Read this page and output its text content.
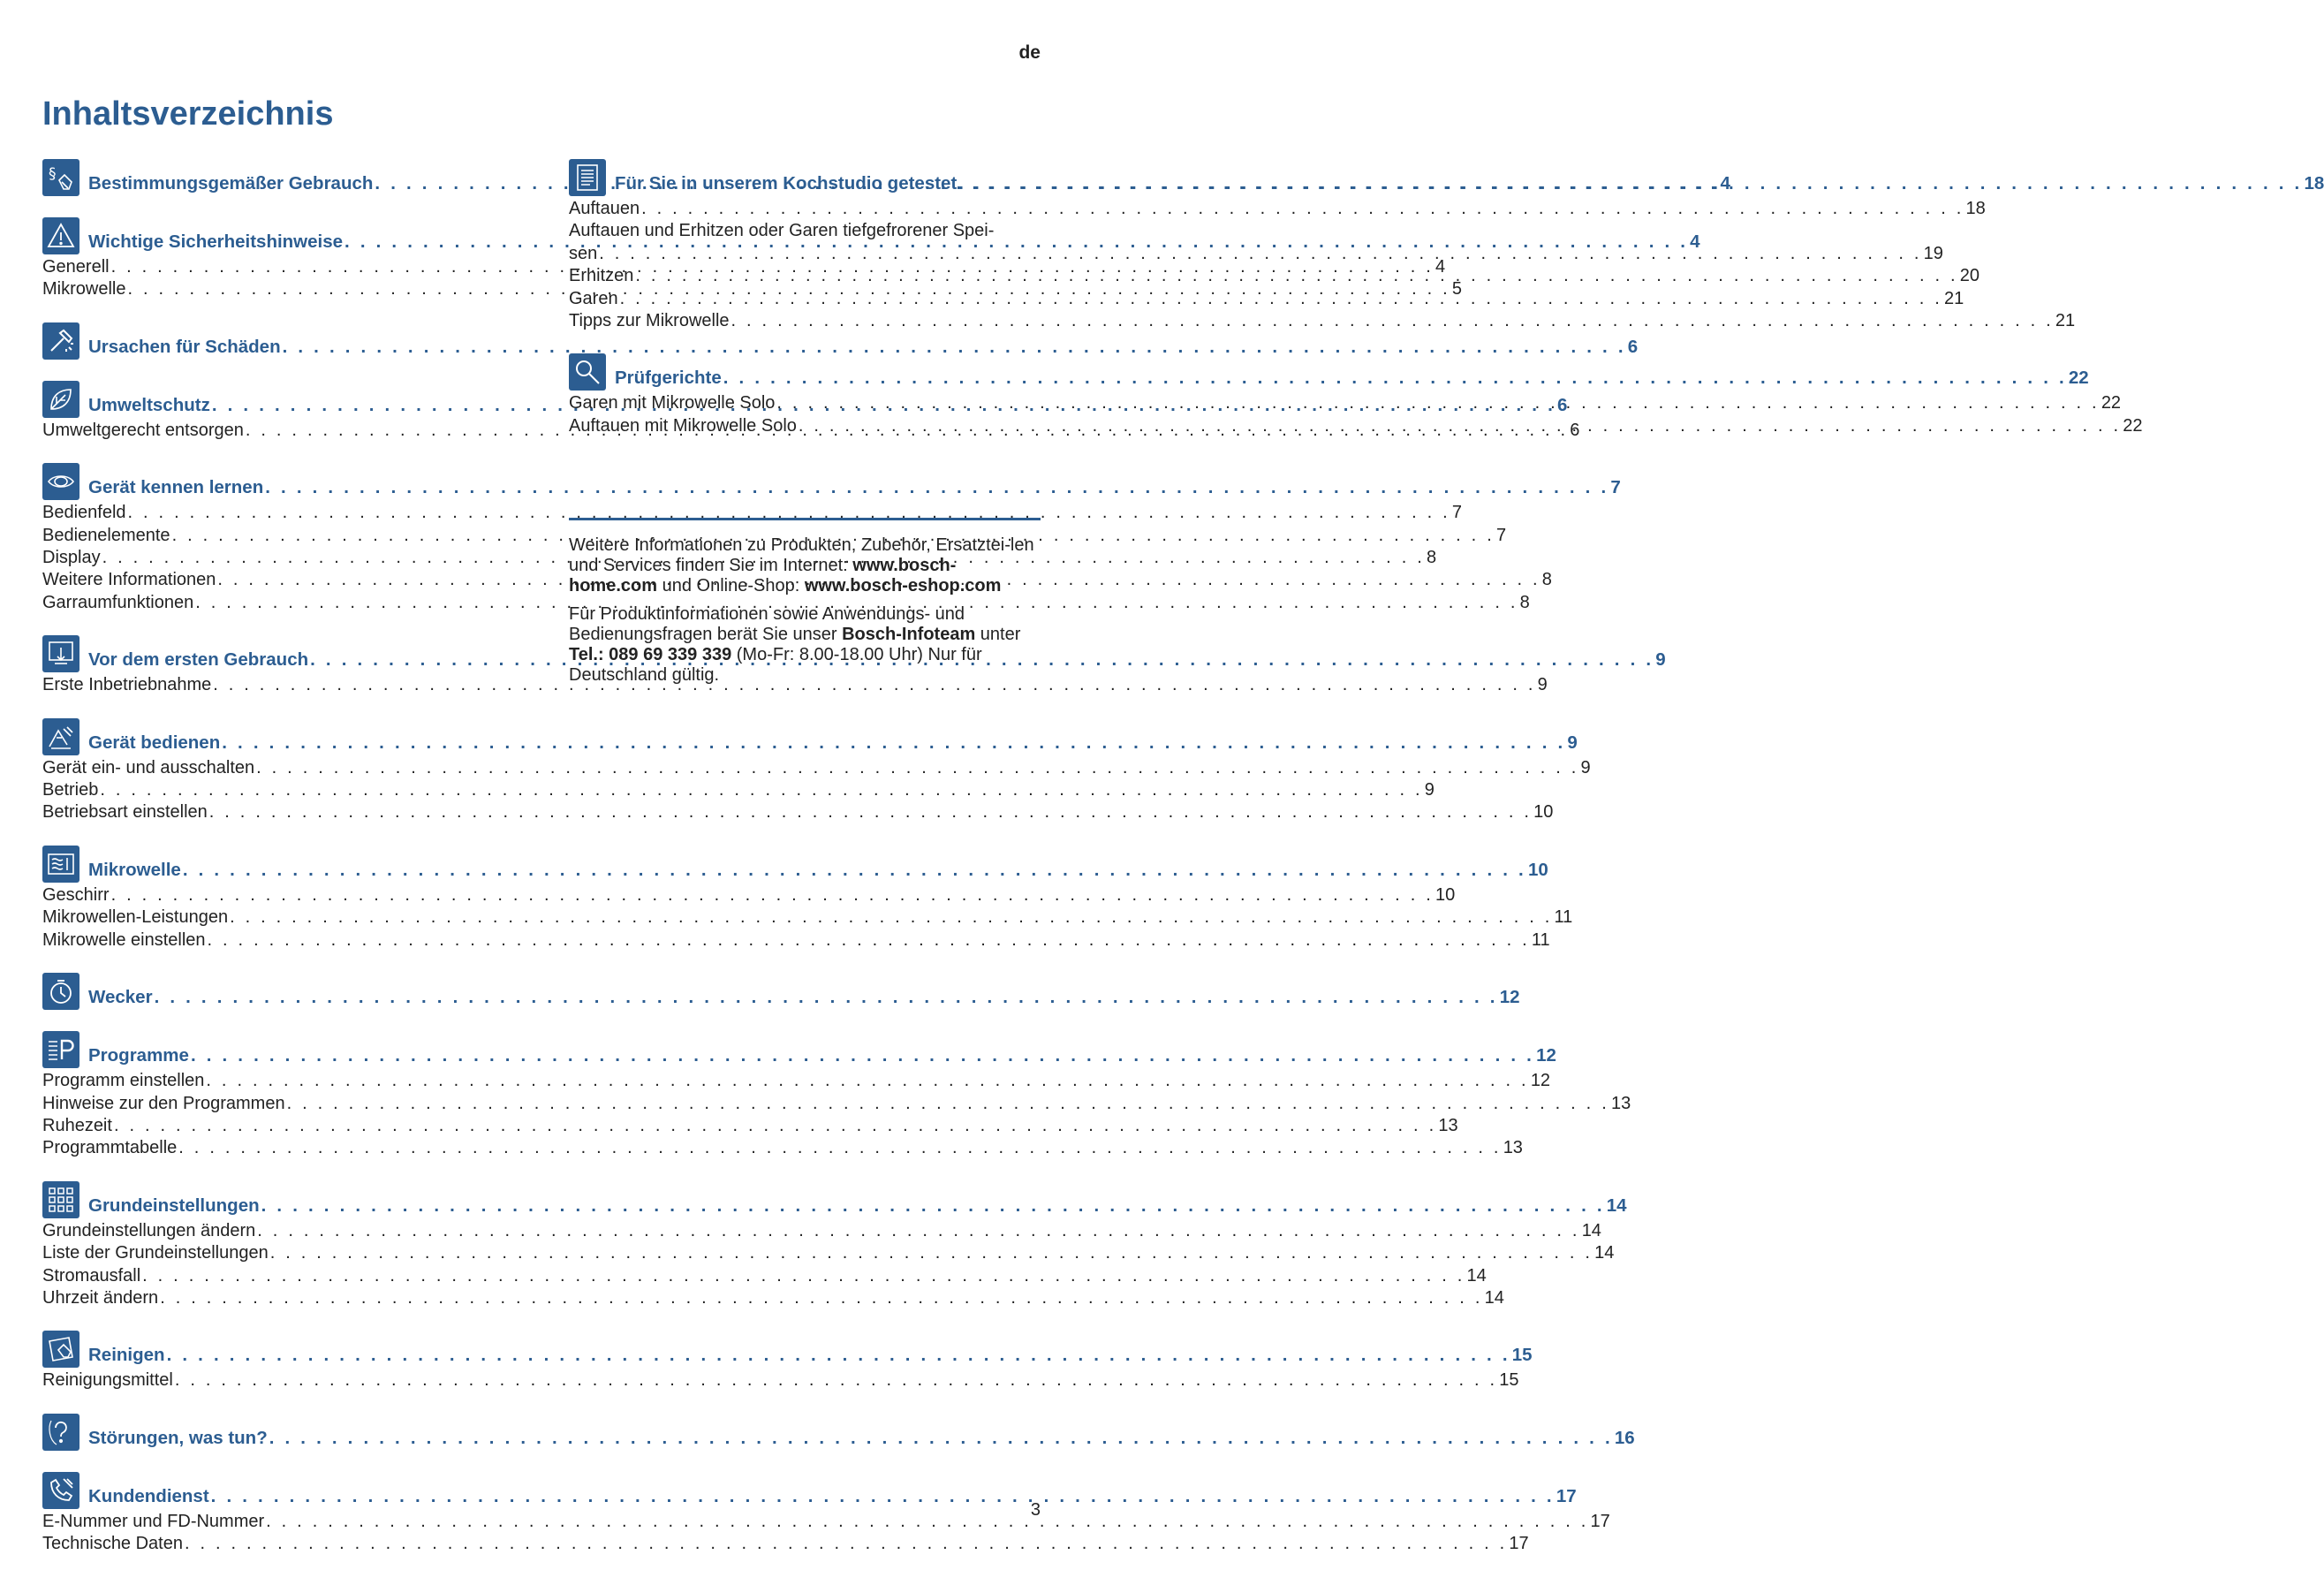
de
Inhaltsverzeichnis
§ Bestimmungsgemäßer Gebrauch . . .	4
Wichtige Sicherheitshinweise . . .	4
Generell . . .	4
Mikrowelle . . .	5
Ursachen für Schäden . . .	6
Umweltschutz . . .	6
Umweltgerecht entsorgen . . .	6
Gerät kennen lernen . . .	7
Bedienfeld . . .	7
Bedienelemente . . .	7
Display . . .	8
Weitere Informationen . . .	8
Garraumfunktionen . . .	8
Vor dem ersten Gebrauch . . .	9
Erste Inbetriebnahme . . .	9
Gerät bedienen . . .	9
Gerät ein- und ausschalten . . .	9
Betrieb . . .	9
Betriebsart einstellen . . .	10
Mikrowelle . . .	10
Geschirr . . .	10
Mikrowellen-Leistungen . . .	11
Mikrowelle einstellen . . .	11
Wecker . . .	12
Programme . . .	12
Programm einstellen . . .	12
Hinweise zur den Programmen . . .	13
Ruhezeit . . .	13
Programmtabelle . . .	13
Grundeinstellungen . . .	14
Grundeinstellungen ändern . . .	14
Liste der Grundeinstellungen . . .	14
Stromausfall . . .	14
Uhrzeit ändern . . .	14
Reinigen . . .	15
Reinigungsmittel . . .	15
Störungen, was tun? . . .	16
Kundendienst . . .	17
E-Nummer und FD-Nummer . . .	17
Technische Daten . . .	17
Für Sie in unserem Kochstudio getestet . . .	18
Auftauen . . .	18
Auftauen und Erhitzen oder Garen tiefgefrorener Spei-
sen . . .	19
Erhitzen . . .	20
Garen . . .	21
Tipps zur Mikrowelle . . .	21
Prüfgerichte . . .	22
Garen mit Mikrowelle Solo . . .	22
Auftauen mit Mikrowelle Solo . . .	22

Weitere Informationen zu Produkten, Zubehör, Ersatztei-len und Services finden Sie im Internet: www.bosch-home.com und Online-Shop: www.bosch-eshop.com

Für Produktinformationen sowie Anwendungs- und Bedienungsfragen berät Sie unser Bosch-Infoteam unter Tel.: 089 69 339 339 (Mo-Fr: 8.00-18.00 Uhr) Nur für Deutschland gültig.

3
